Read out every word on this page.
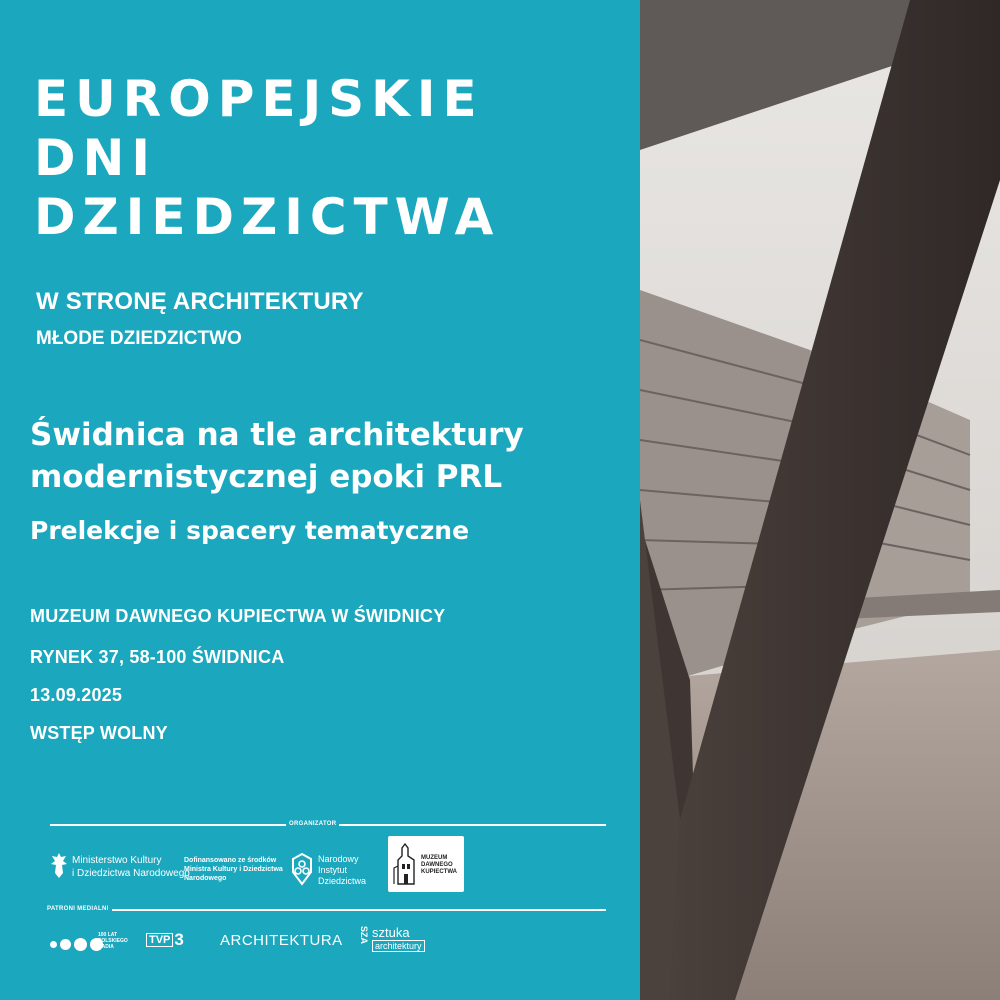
EUROPEJSKIE
DNI
DZIEDZICTWA
W STRONĘ ARCHITEKTURY
MŁODE DZIEDZICTWO
Świdnica na tle architektury
modernistycznej epoki PRL
Prelekcje i spacery tematyczne
MUZEUM DAWNEGO KUPIECTWA W ŚWIDNICY
RYNEK 37, 58-100 ŚWIDNICA
13.09.2025
WSTĘP WOLNY
ORGANIZATOR
Ministerstwo Kultury
i Dziedzictwa Narodowego
Dofinansowano ze środków
Ministra Kultury i Dziedzictwa
Narodowego
Narodowy
Instytut
Dziedzictwa
MUZEUM
DAWNEGO
KUPIECTWA
PATRONI MEDIALNI
100 LAT
POLSKIEGO
RADIA
TVP 3 ARCHITEKTURA SZA sztuka
architektury
